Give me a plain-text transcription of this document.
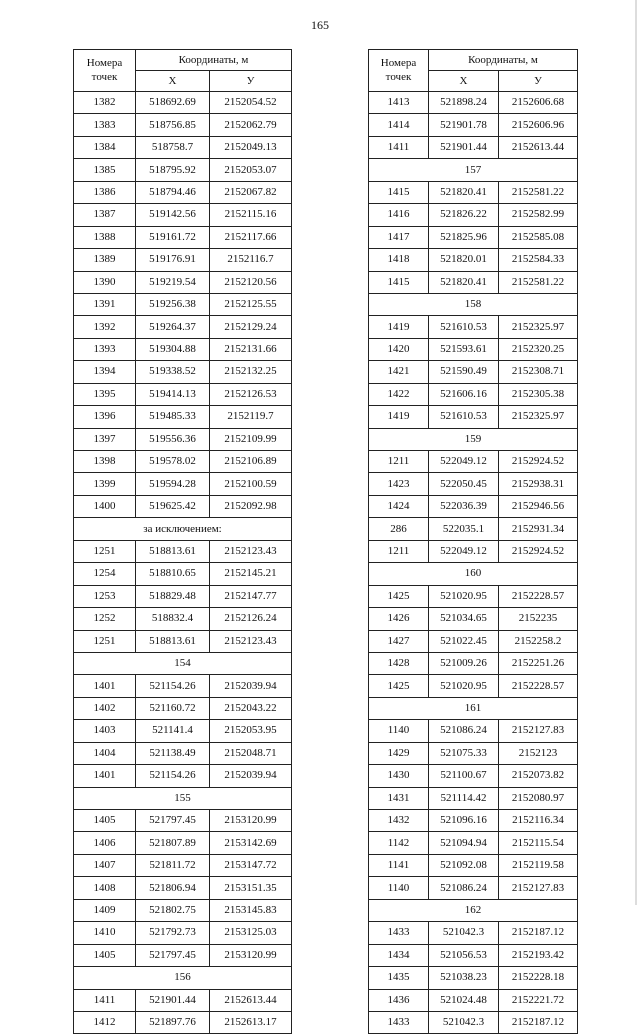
165
Номера точек	Координаты, м	
	X	У
1382	518692.69	2152054.52
1383	518756.85	2152062.79
1384	518758.7	2152049.13
1385	518795.92	2152053.07
1386	518794.46	2152067.82
1387	519142.56	2152115.16
1388	519161.72	2152117.66
1389	519176.91	2152116.7
1390	519219.54	2152120.56
1391	519256.38	2152125.55
1392	519264.37	2152129.24
1393	519304.88	2152131.66
1394	519338.52	2152132.25
1395	519414.13	2152126.53
1396	519485.33	2152119.7
1397	519556.36	2152109.99
1398	519578.02	2152106.89
1399	519594.28	2152100.59
1400	519625.42	2152092.98
за исключением:		
1251	518813.61	2152123.43
1254	518810.65	2152145.21
1253	518829.48	2152147.77
1252	518832.4	2152126.24
1251	518813.61	2152123.43
154		
1401	521154.26	2152039.94
1402	521160.72	2152043.22
1403	521141.4	2152053.95
1404	521138.49	2152048.71
1401	521154.26	2152039.94
155		
1405	521797.45	2153120.99
1406	521807.89	2153142.69
1407	521811.72	2153147.72
1408	521806.94	2153151.35
1409	521802.75	2153145.83
1410	521792.73	2153125.03
1405	521797.45	2153120.99
156		
1411	521901.44	2152613.44
1412	521897.76	2152613.17
Номера точек	Координаты, м	
	X	У
1413	521898.24	2152606.68
1414	521901.78	2152606.96
1411	521901.44	2152613.44
157		
1415	521820.41	2152581.22
1416	521826.22	2152582.99
1417	521825.96	2152585.08
1418	521820.01	2152584.33
1415	521820.41	2152581.22
158		
1419	521610.53	2152325.97
1420	521593.61	2152320.25
1421	521590.49	2152308.71
1422	521606.16	2152305.38
1419	521610.53	2152325.97
159		
1211	522049.12	2152924.52
1423	522050.45	2152938.31
1424	522036.39	2152946.56
286	522035.1	2152931.34
1211	522049.12	2152924.52
160		
1425	521020.95	2152228.57
1426	521034.65	2152235
1427	521022.45	2152258.2
1428	521009.26	2152251.26
1425	521020.95	2152228.57
161		
1140	521086.24	2152127.83
1429	521075.33	2152123
1430	521100.67	2152073.82
1431	521114.42	2152080.97
1432	521096.16	2152116.34
1142	521094.94	2152115.54
1141	521092.08	2152119.58
1140	521086.24	2152127.83
162		
1433	521042.3	2152187.12
1434	521056.53	2152193.42
1435	521038.23	2152228.18
1436	521024.48	2152221.72
1433	521042.3	2152187.12
